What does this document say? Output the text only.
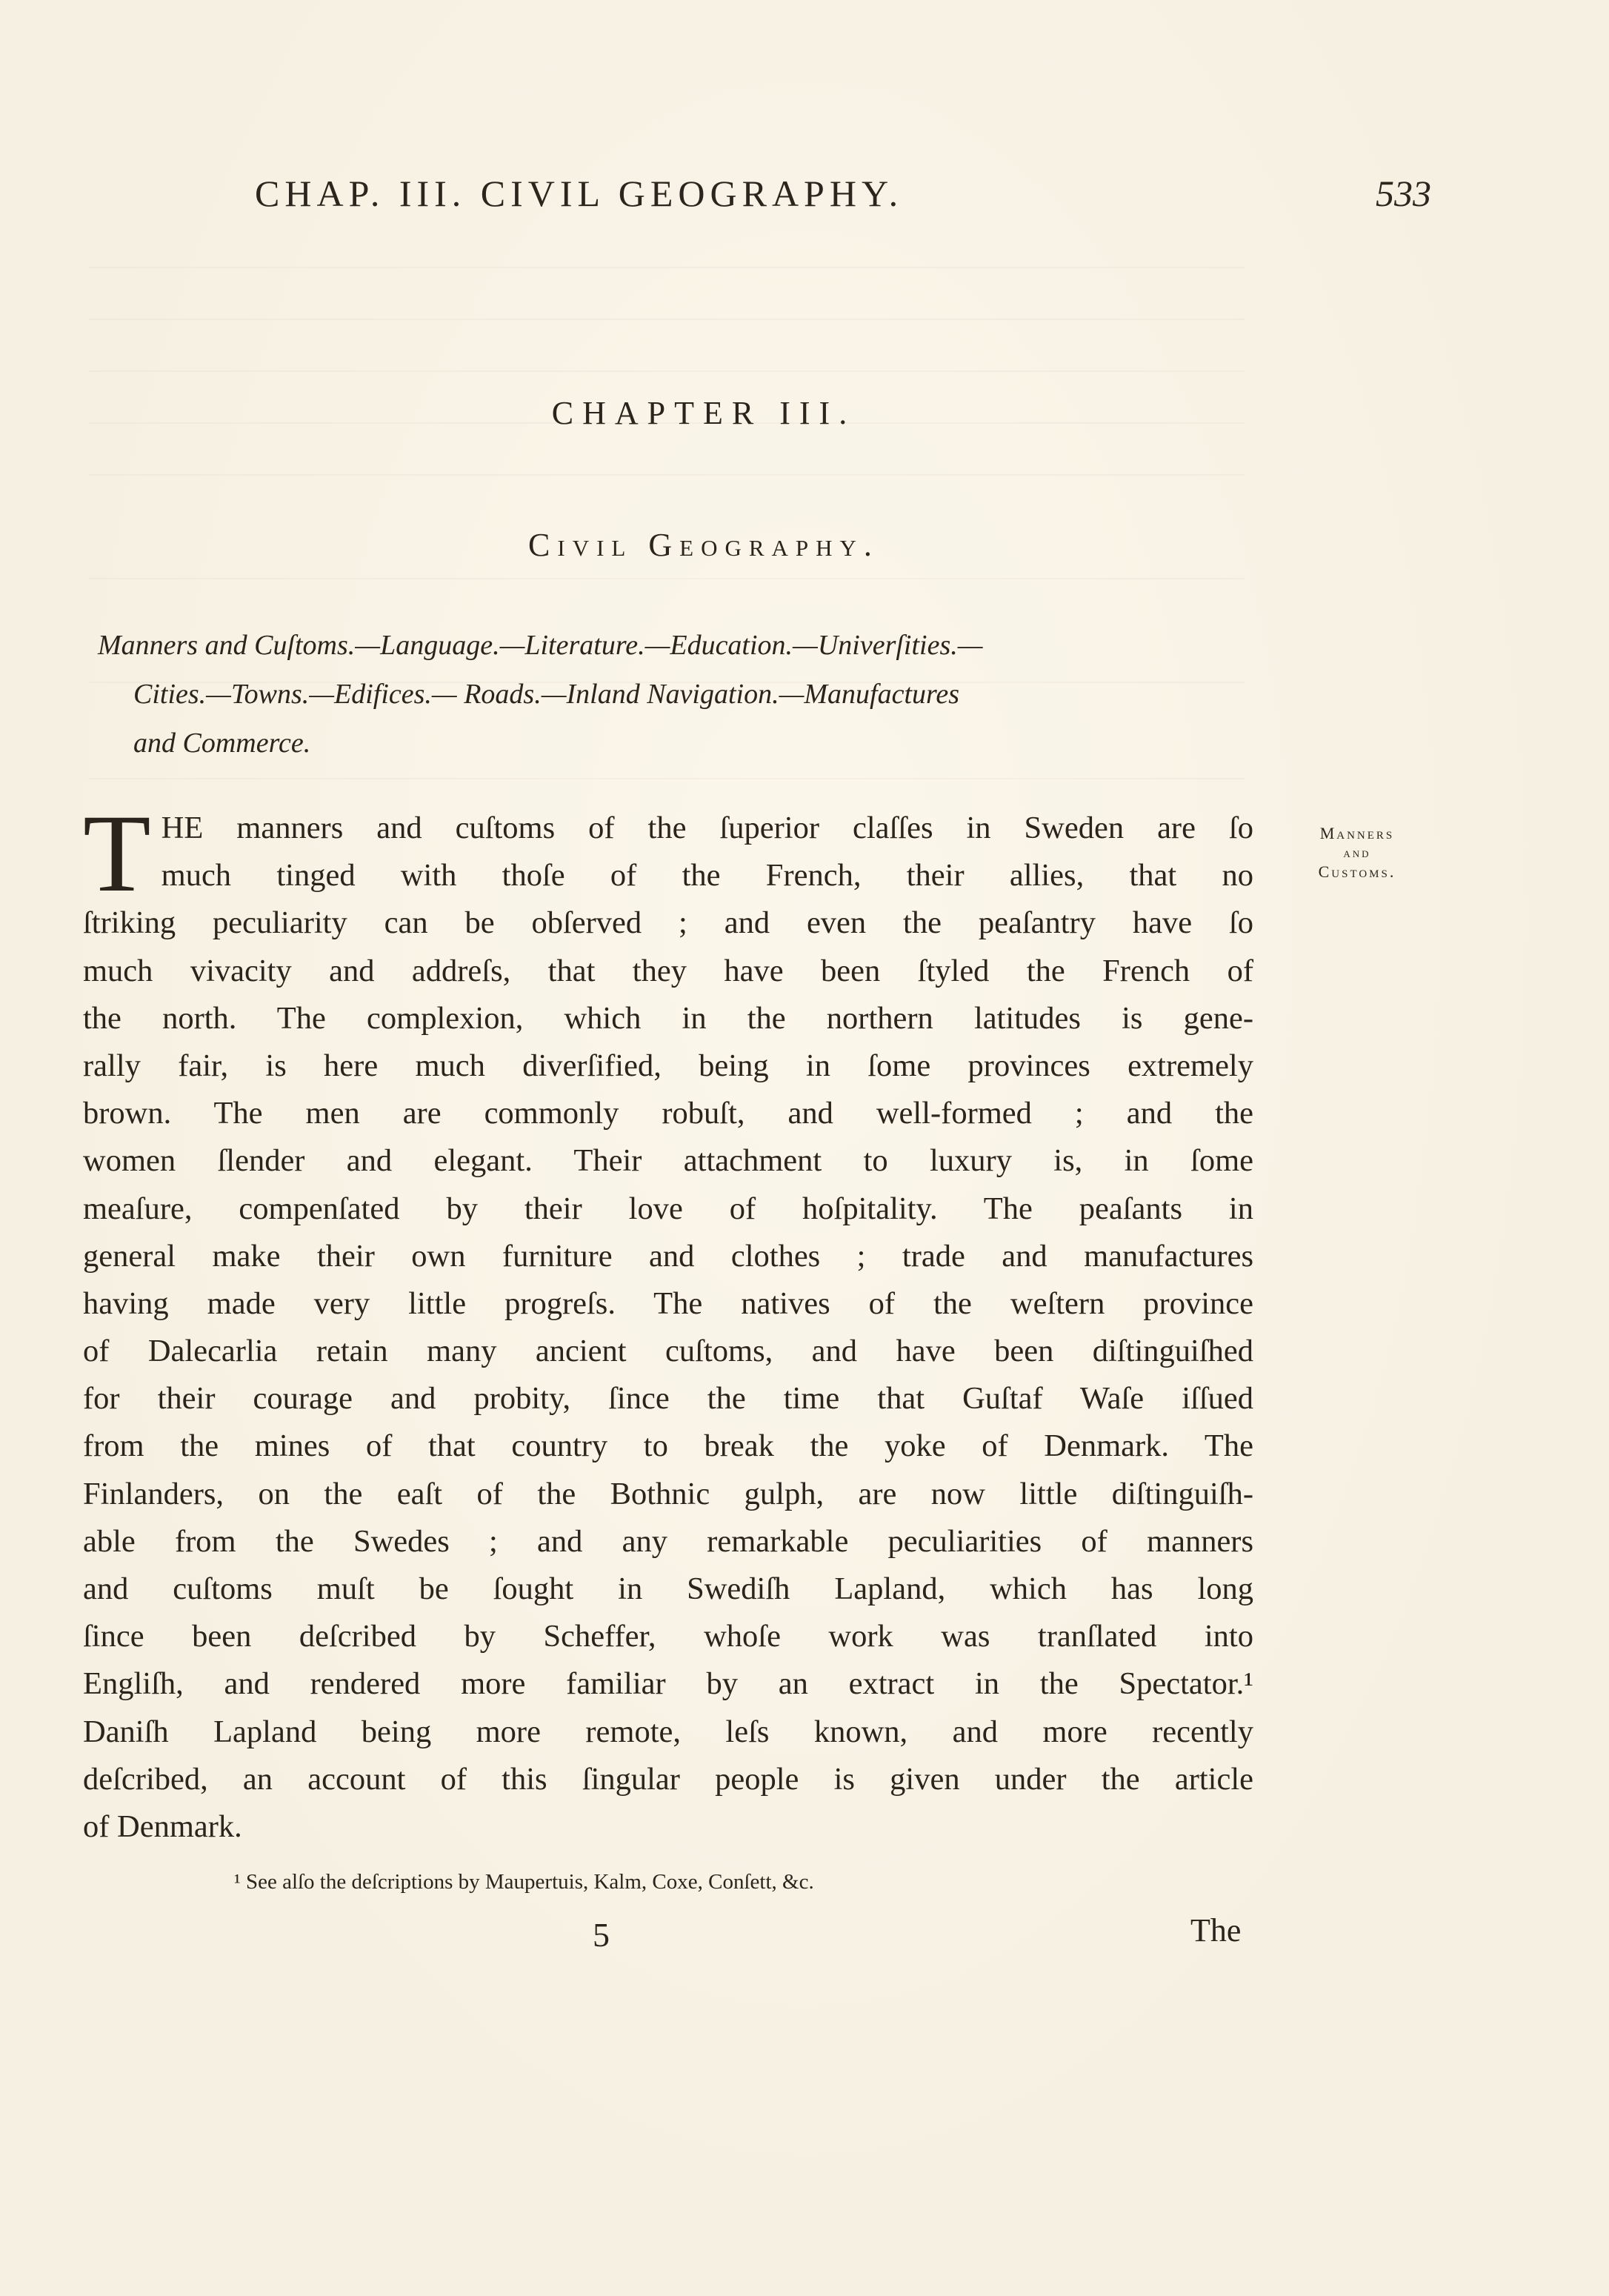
CHAP. III. CIVIL GEOGRAPHY.	533
CHAPTER III.
Civil Geography.
Manners and Cuſtoms.—Language.—Literature.—Education.—Univerſities.—
Cities.—Towns.—Edifices.— Roads.—Inland Navigation.—Manufactures
and Commerce.
T HE manners and cuſtoms of the ſuperior claſſes in Sweden are ſo
much tinged with thoſe of the French, their allies, that no
ſtriking peculiarity can be obſerved ; and even the peaſantry have ſo
much vivacity and addreſs, that they have been ſtyled the French of
the north. The complexion, which in the northern latitudes is gene-
rally fair, is here much diverſified, being in ſome provinces extremely
brown. The men are commonly robuſt, and well-formed ; and the
women ſlender and elegant. Their attachment to luxury is, in ſome
meaſure, compenſated by their love of hoſpitality. The peaſants in
general make their own furniture and clothes ; trade and manufactures
having made very little progreſs. The natives of the weſtern province
of Dalecarlia retain many ancient cuſtoms, and have been diſtinguiſhed
for their courage and probity, ſince the time that Guſtaf Waſe iſſued
from the mines of that country to break the yoke of Denmark. The
Finlanders, on the eaſt of the Bothnic gulph, are now little diſtinguiſh-
able from the Swedes ; and any remarkable peculiarities of manners
and cuſtoms muſt be ſought in Swediſh Lapland, which has long
ſince been deſcribed by Scheffer, whoſe work was tranſlated into
Engliſh, and rendered more familiar by an extract in the Spectator.¹
Daniſh Lapland being more remote, leſs known, and more recently
deſcribed, an account of this ſingular people is given under the article
of Denmark.
Manners
and
Customs.
¹ See alſo the deſcriptions by Maupertuis, Kalm, Coxe, Conſett, &c.
5	The
